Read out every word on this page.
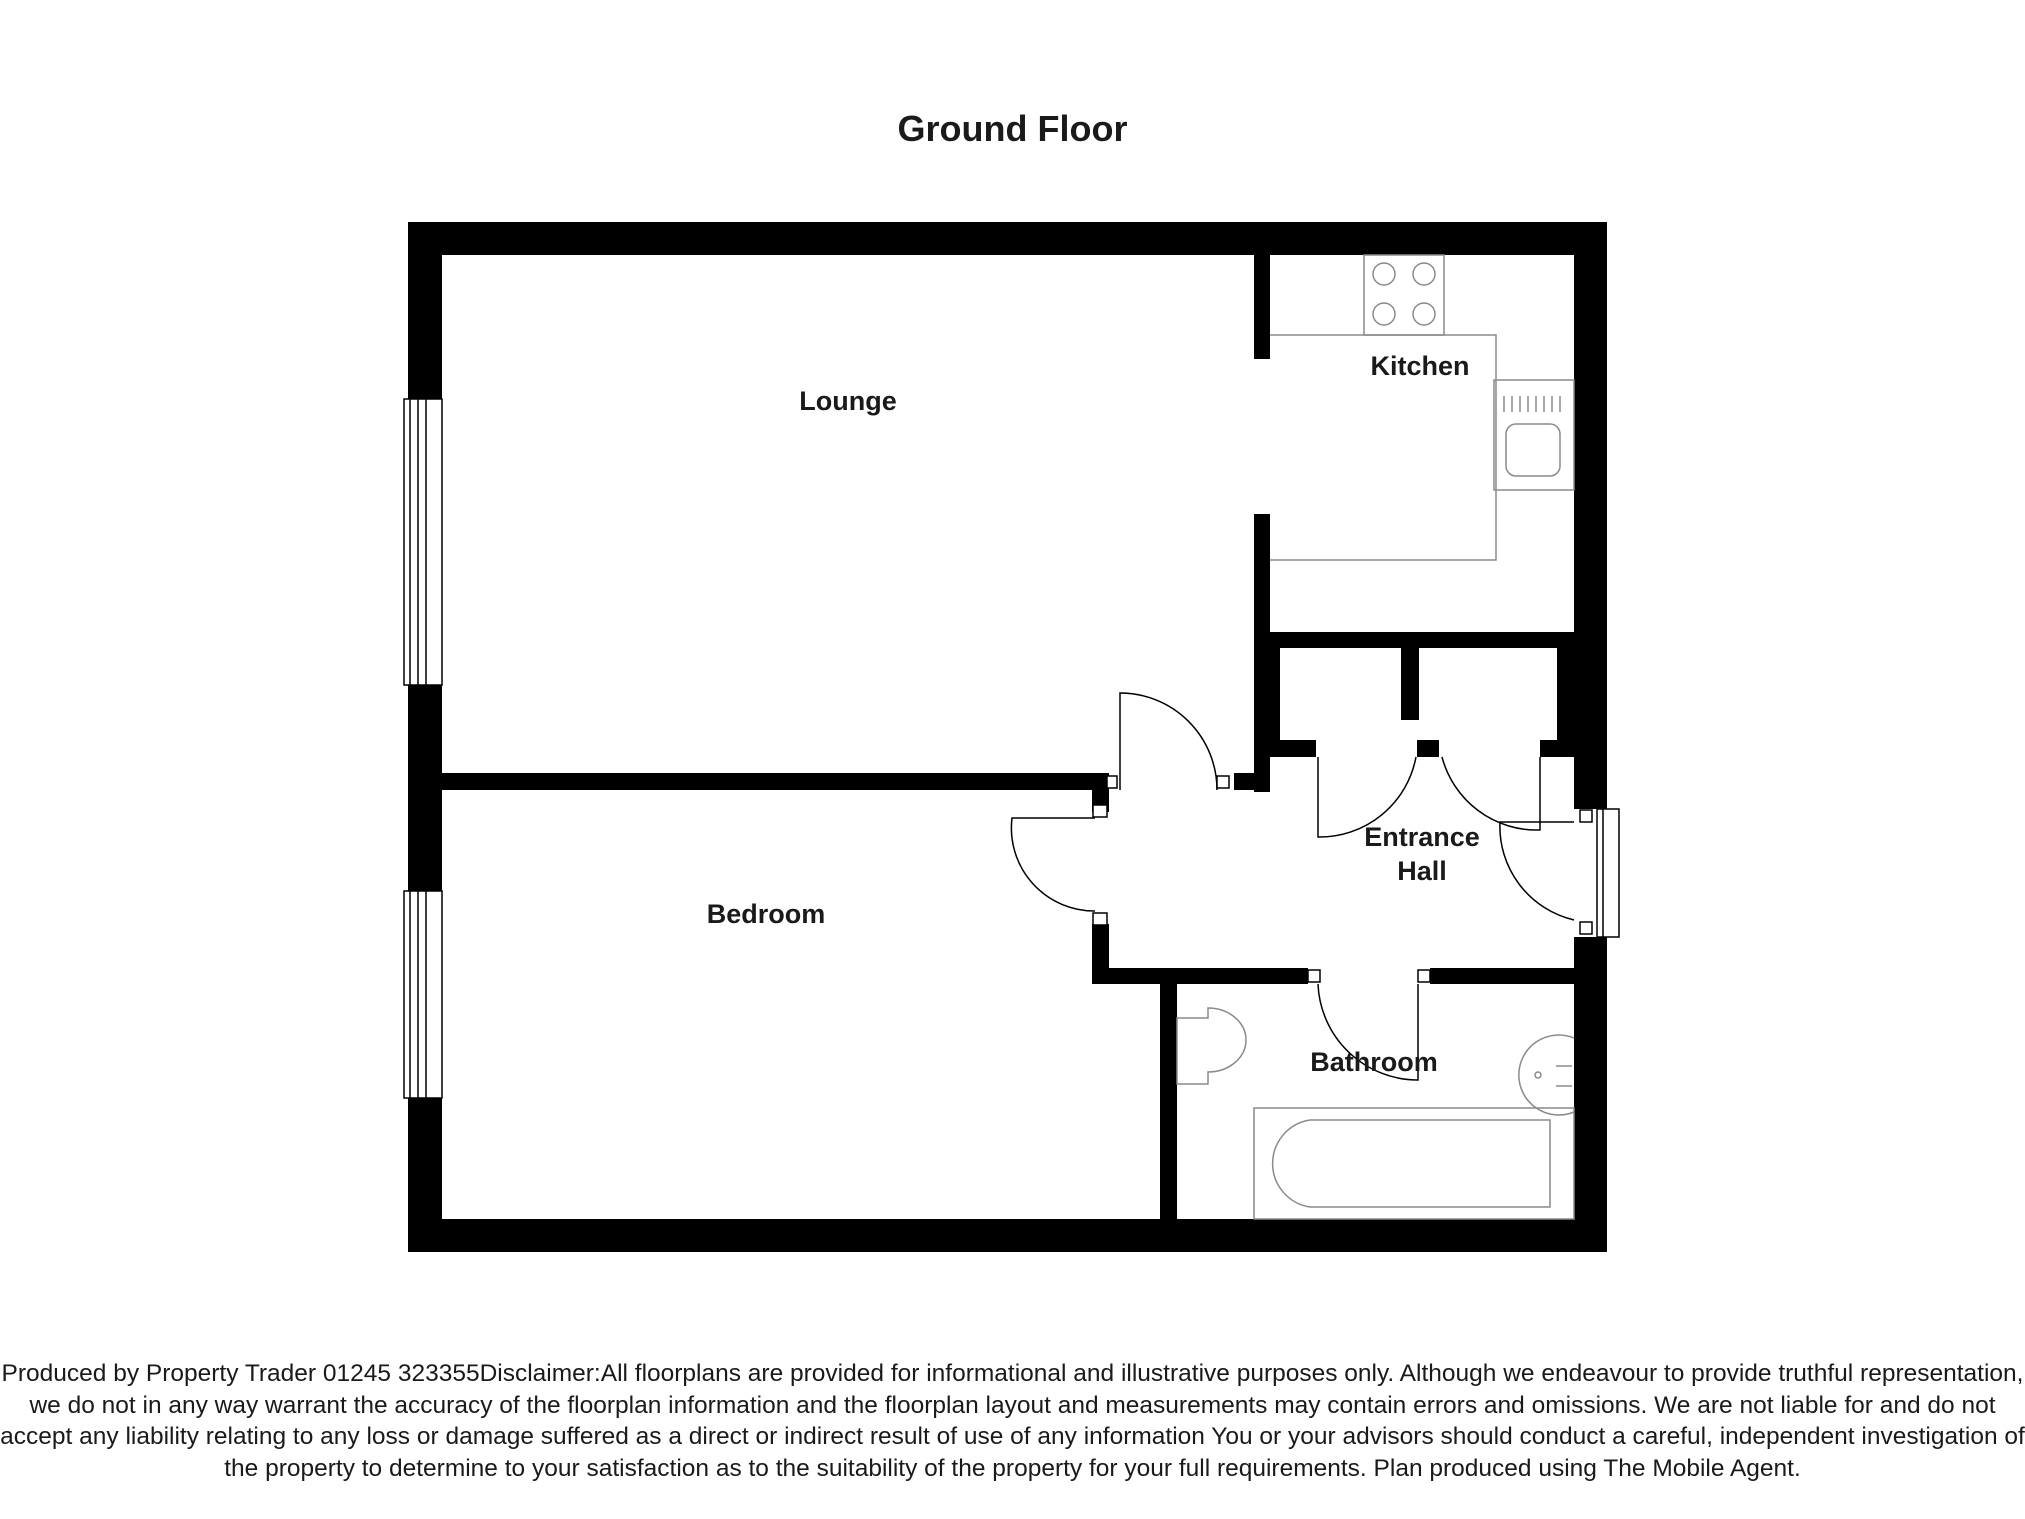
Ground Floor
Lounge
Kitchen
Entrance
Hall
Bedroom
Bathroom
Produced by Property Trader 01245 323355Disclaimer:All floorplans are provided for informational and illustrative purposes only. Although we endeavour to provide truthful representation, we do not in any way warrant the accuracy of the floorplan information and the floorplan layout and measurements may contain errors and omissions. We are not liable for and do not accept any liability relating to any loss or damage suffered as a direct or indirect result of use of any information You or your advisors should conduct a careful, independent investigation of the property to determine to your satisfaction as to the suitability of the property for your full requirements. Plan produced using The Mobile Agent.
